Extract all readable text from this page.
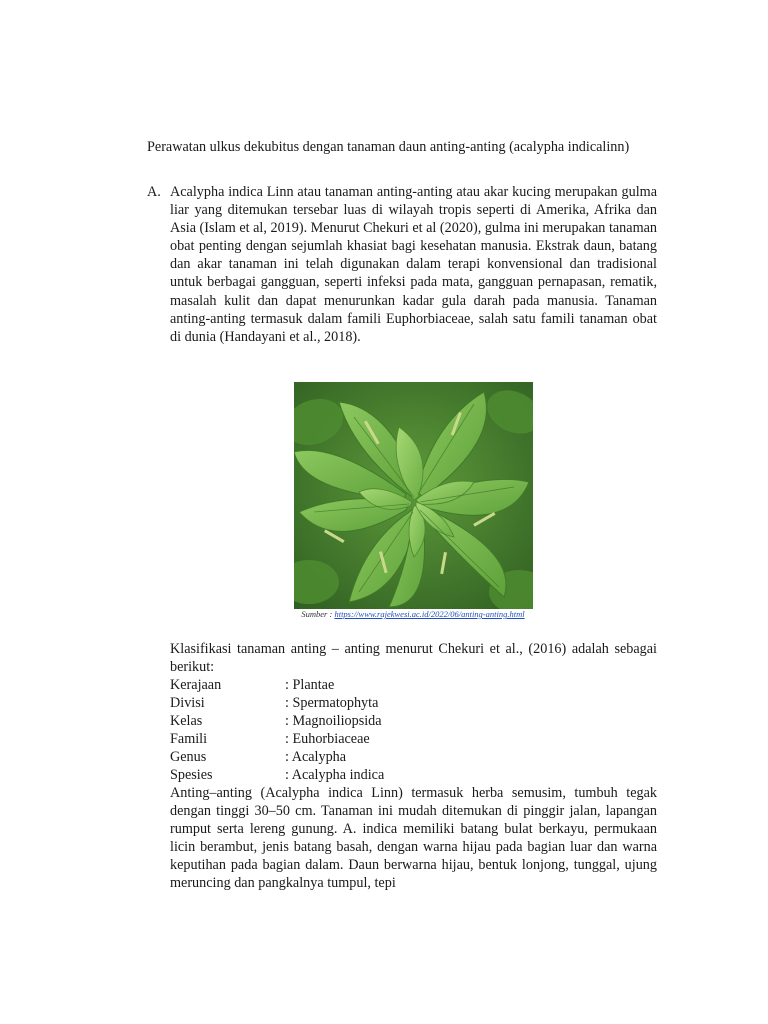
Perawatan ulkus dekubitus dengan tanaman daun anting-anting (acalypha indicalinn)
A. Acalypha indica Linn atau tanaman anting-anting atau akar kucing merupakan gulma liar yang ditemukan tersebar luas di wilayah tropis seperti di Amerika, Afrika dan Asia (Islam et al, 2019). Menurut Chekuri et al (2020), gulma ini merupakan tanaman obat penting dengan sejumlah khasiat bagi kesehatan manusia. Ekstrak daun, batang dan akar tanaman ini telah digunakan dalam terapi konvensional dan tradisional untuk berbagai gangguan, seperti infeksi pada mata, gangguan pernapasan, rematik, masalah kulit dan dapat menurunkan kadar gula darah pada manusia. Tanaman anting-anting termasuk dalam famili Euphorbiaceae, salah satu famili tanaman obat di dunia (Handayani et al., 2018).
Sumber : https://www.rajekwesi.ac.id/2022/06/anting-anting.html

Klasifikasi tanaman anting – anting menurut Chekuri et al., (2016) adalah sebagai berikut:

Kerajaan	: Plantae
Divisi	: Spermatophyta
Kelas	: Magnoiliopsida
Famili	: Euhorbiaceae
Genus	: Acalypha
Spesies	: Acalypha indica

Anting–anting (Acalypha indica Linn) termasuk herba semusim, tumbuh tegak dengan tinggi 30–50 cm. Tanaman ini mudah ditemukan di pinggir jalan, lapangan rumput serta lereng gunung. A. indica memiliki batang bulat berkayu, permukaan licin berambut, jenis batang basah, dengan warna hijau pada bagian luar dan warna keputihan pada bagian dalam. Daun berwarna hijau, bentuk lonjong, tunggal, ujung meruncing dan pangkalnya tumpul, tepi
